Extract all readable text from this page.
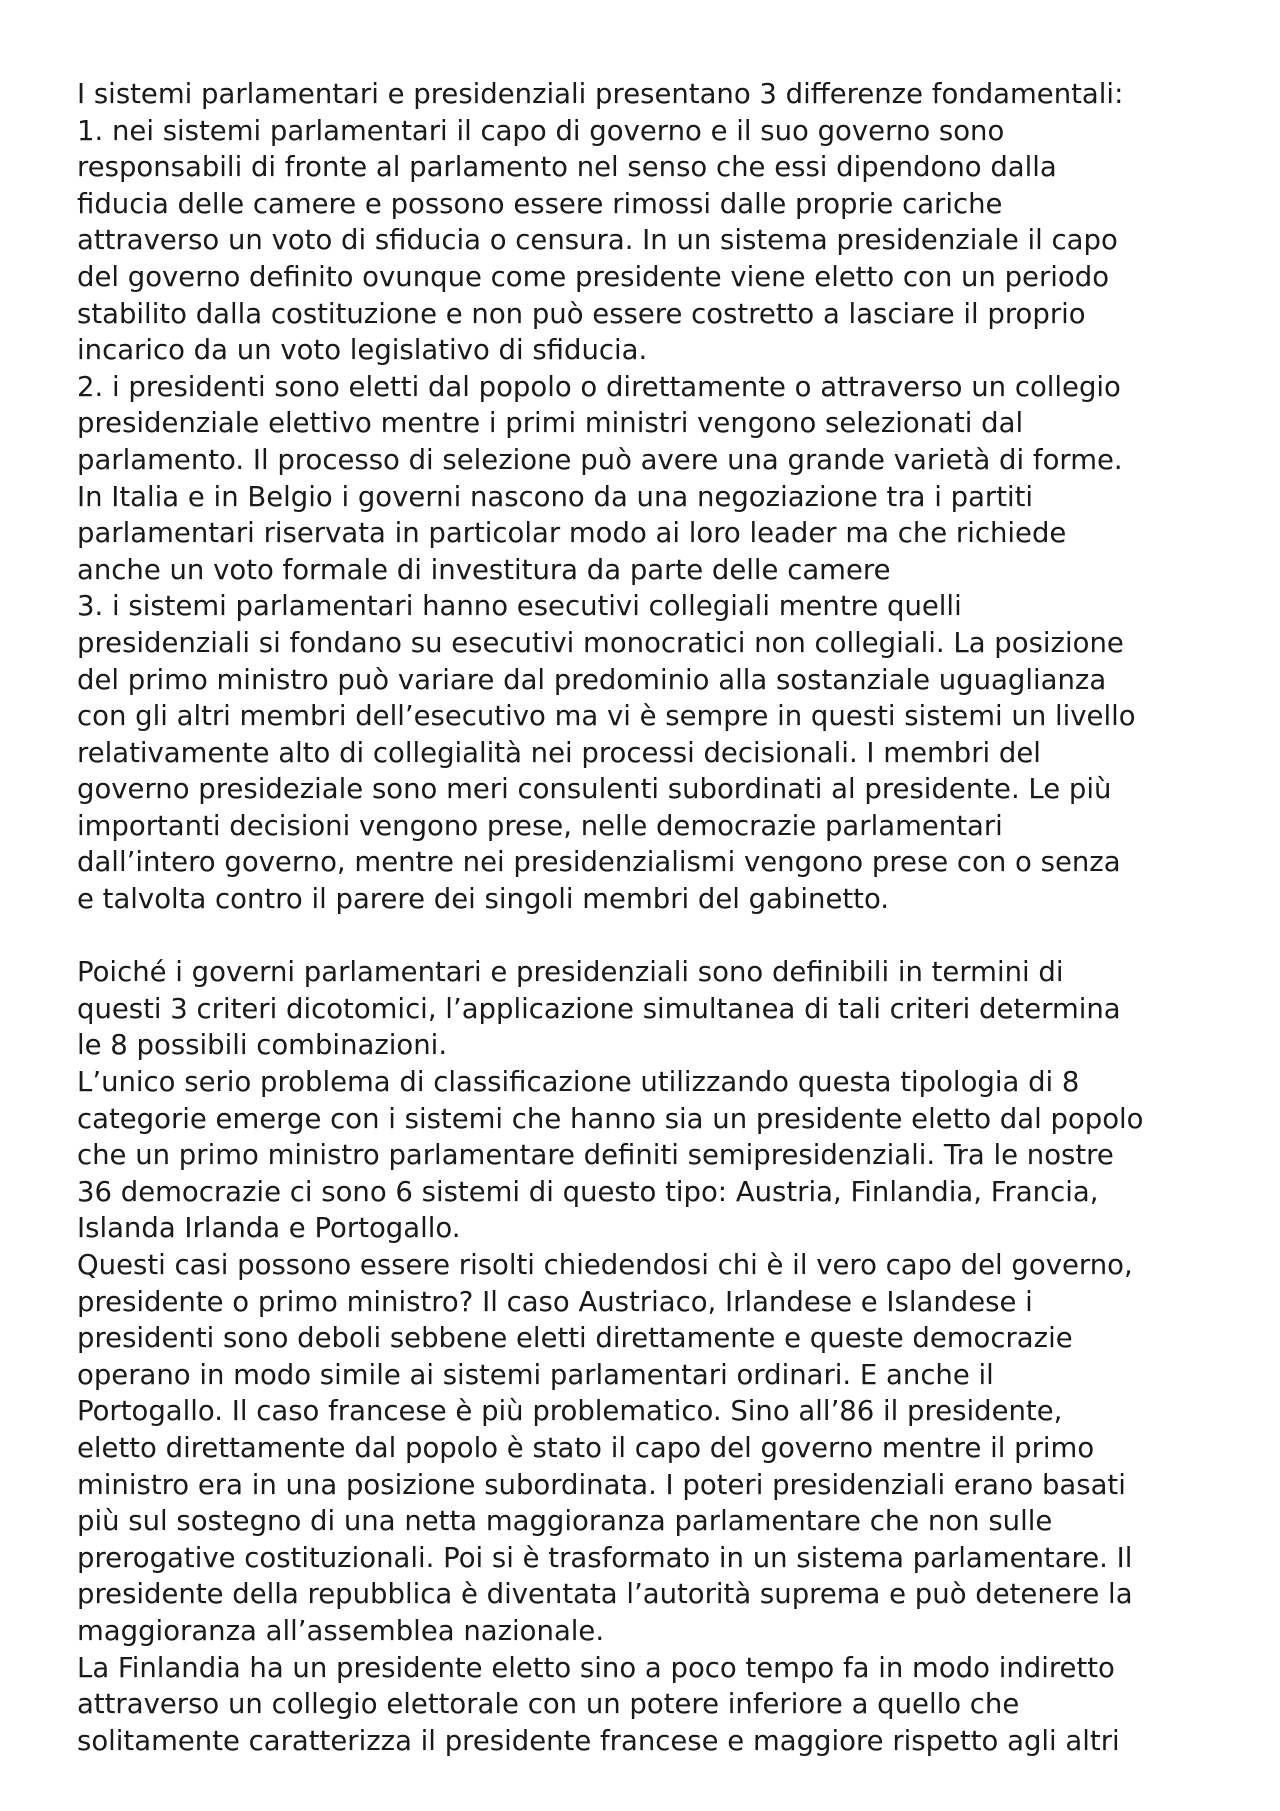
I sistemi parlamentari e presidenziali presentano 3 differenze fondamentali:
1. nei sistemi parlamentari il capo di governo e il suo governo sono
responsabili di fronte al parlamento nel senso che essi dipendono dalla
fiducia delle camere e possono essere rimossi dalle proprie cariche
attraverso un voto di sfiducia o censura. In un sistema presidenziale il capo
del governo definito ovunque come presidente viene eletto con un periodo
stabilito dalla costituzione e non può essere costretto a lasciare il proprio
incarico da un voto legislativo di sfiducia.
2. i presidenti sono eletti dal popolo o direttamente o attraverso un collegio
presidenziale elettivo mentre i primi ministri vengono selezionati dal
parlamento. Il processo di selezione può avere una grande varietà di forme.
In Italia e in Belgio i governi nascono da una negoziazione tra i partiti
parlamentari riservata in particolar modo ai loro leader ma che richiede
anche un voto formale di investitura da parte delle camere
3. i sistemi parlamentari hanno esecutivi collegiali mentre quelli
presidenziali si fondano su esecutivi monocratici non collegiali. La posizione
del primo ministro può variare dal predominio alla sostanziale uguaglianza
con gli altri membri dell’esecutivo ma vi è sempre in questi sistemi un livello
relativamente alto di collegialità nei processi decisionali. I membri del
governo presideziale sono meri consulenti subordinati al presidente. Le più
importanti decisioni vengono prese, nelle democrazie parlamentari
dall’intero governo, mentre nei presidenzialismi vengono prese con o senza
e talvolta contro il parere dei singoli membri del gabinetto.
Poiché i governi parlamentari e presidenziali sono definibili in termini di
questi 3 criteri dicotomici, l’applicazione simultanea di tali criteri determina
le 8 possibili combinazioni.
L’unico serio problema di classificazione utilizzando questa tipologia di 8
categorie emerge con i sistemi che hanno sia un presidente eletto dal popolo
che un primo ministro parlamentare definiti semipresidenziali. Tra le nostre
36 democrazie ci sono 6 sistemi di questo tipo: Austria, Finlandia, Francia,
Islanda Irlanda e Portogallo.
Questi casi possono essere risolti chiedendosi chi è il vero capo del governo,
presidente o primo ministro? Il caso Austriaco, Irlandese e Islandese i
presidenti sono deboli sebbene eletti direttamente e queste democrazie
operano in modo simile ai sistemi parlamentari ordinari. E anche il
Portogallo. Il caso francese è più problematico. Sino all’86 il presidente,
eletto direttamente dal popolo è stato il capo del governo mentre il primo
ministro era in una posizione subordinata. I poteri presidenziali erano basati
più sul sostegno di una netta maggioranza parlamentare che non sulle
prerogative costituzionali. Poi si è trasformato in un sistema parlamentare. Il
presidente della repubblica è diventata l’autorità suprema e può detenere la
maggioranza all’assemblea nazionale.
La Finlandia ha un presidente eletto sino a poco tempo fa in modo indiretto
attraverso un collegio elettorale con un potere inferiore a quello che
solitamente caratterizza il presidente francese e maggiore rispetto agli altri
